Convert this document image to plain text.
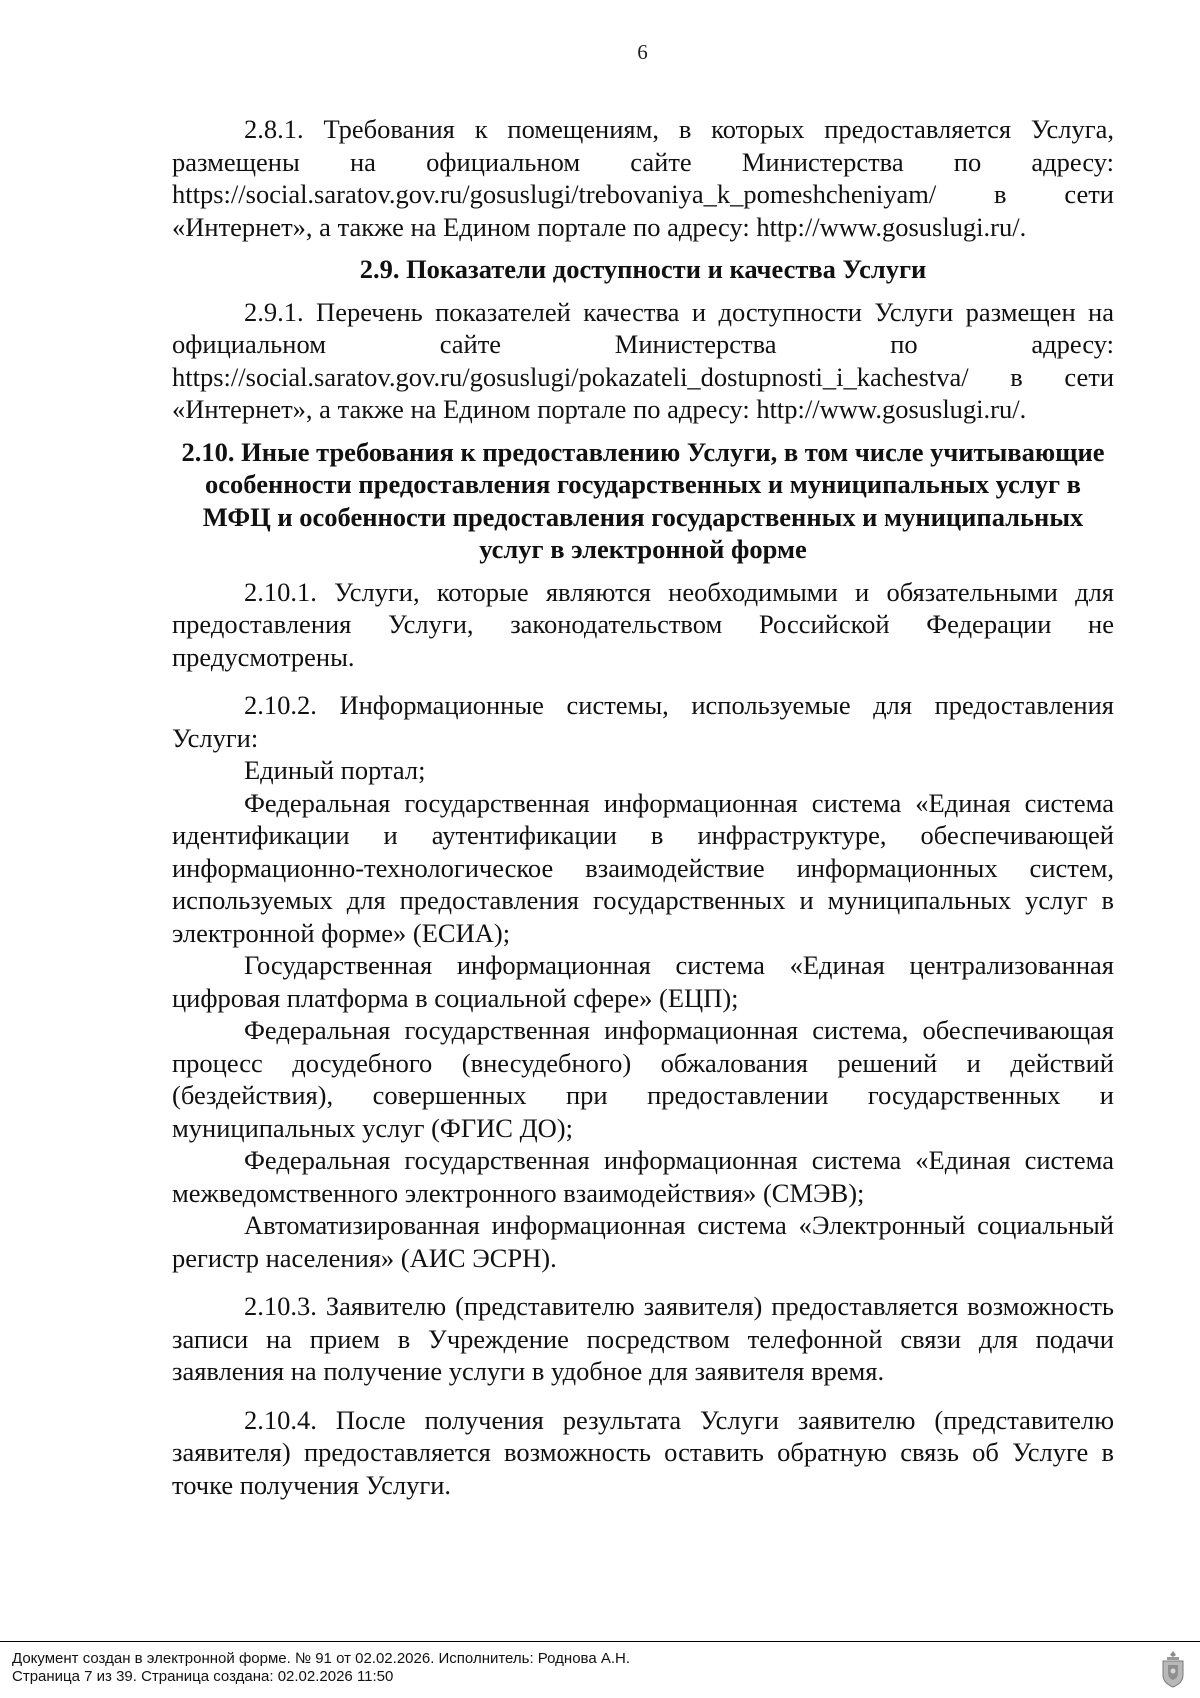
6

2.8.1. Требования к помещениям, в которых предоставляется Услуга, размещены на официальном сайте Министерства по адресу: https://social.saratov.gov.ru/gosuslugi/trebovaniya_k_pomeshcheniyam/ в сети «Интернет», а также на Едином портале по адресу: http://www.gosuslugi.ru/.

2.9. Показатели доступности и качества Услуги

2.9.1. Перечень показателей качества и доступности Услуги размещен на официальном сайте Министерства по адресу: https://social.saratov.gov.ru/gosuslugi/pokazateli_dostupnosti_i_kachestva/ в сети «Интернет», а также на Едином портале по адресу: http://www.gosuslugi.ru/.

2.10. Иные требования к предоставлению Услуги, в том числе учитывающие особенности предоставления государственных и муниципальных услуг в МФЦ и особенности предоставления государственных и муниципальных услуг в электронной форме

2.10.1. Услуги, которые являются необходимыми и обязательными для предоставления Услуги, законодательством Российской Федерации не предусмотрены.

2.10.2. Информационные системы, используемые для предоставления Услуги:

Единый портал;

Федеральная государственная информационная система «Единая система идентификации и аутентификации в инфраструктуре, обеспечивающей информационно-технологическое взаимодействие информационных систем, используемых для предоставления государственных и муниципальных услуг в электронной форме» (ЕСИА);

Государственная информационная система «Единая централизованная цифровая платформа в социальной сфере» (ЕЦП);

Федеральная государственная информационная система, обеспечивающая процесс досудебного (внесудебного) обжалования решений и действий (бездействия), совершенных при предоставлении государственных и муниципальных услуг (ФГИС ДО);

Федеральная государственная информационная система «Единая система межведомственного электронного взаимодействия» (СМЭВ);

Автоматизированная информационная система «Электронный социальный регистр населения» (АИС ЭСРН).

2.10.3. Заявителю (представителю заявителя) предоставляется возможность записи на прием в Учреждение посредством телефонной связи для подачи заявления на получение услуги в удобное для заявителя время.

2.10.4. После получения результата Услуги заявителю (представителю заявителя) предоставляется возможность оставить обратную связь об Услуге в точке получения Услуги.

Документ создан в электронной форме. № 91 от 02.02.2026. Исполнитель: Роднова А.Н.
Страница 7 из 39. Страница создана: 02.02.2026 11:50
